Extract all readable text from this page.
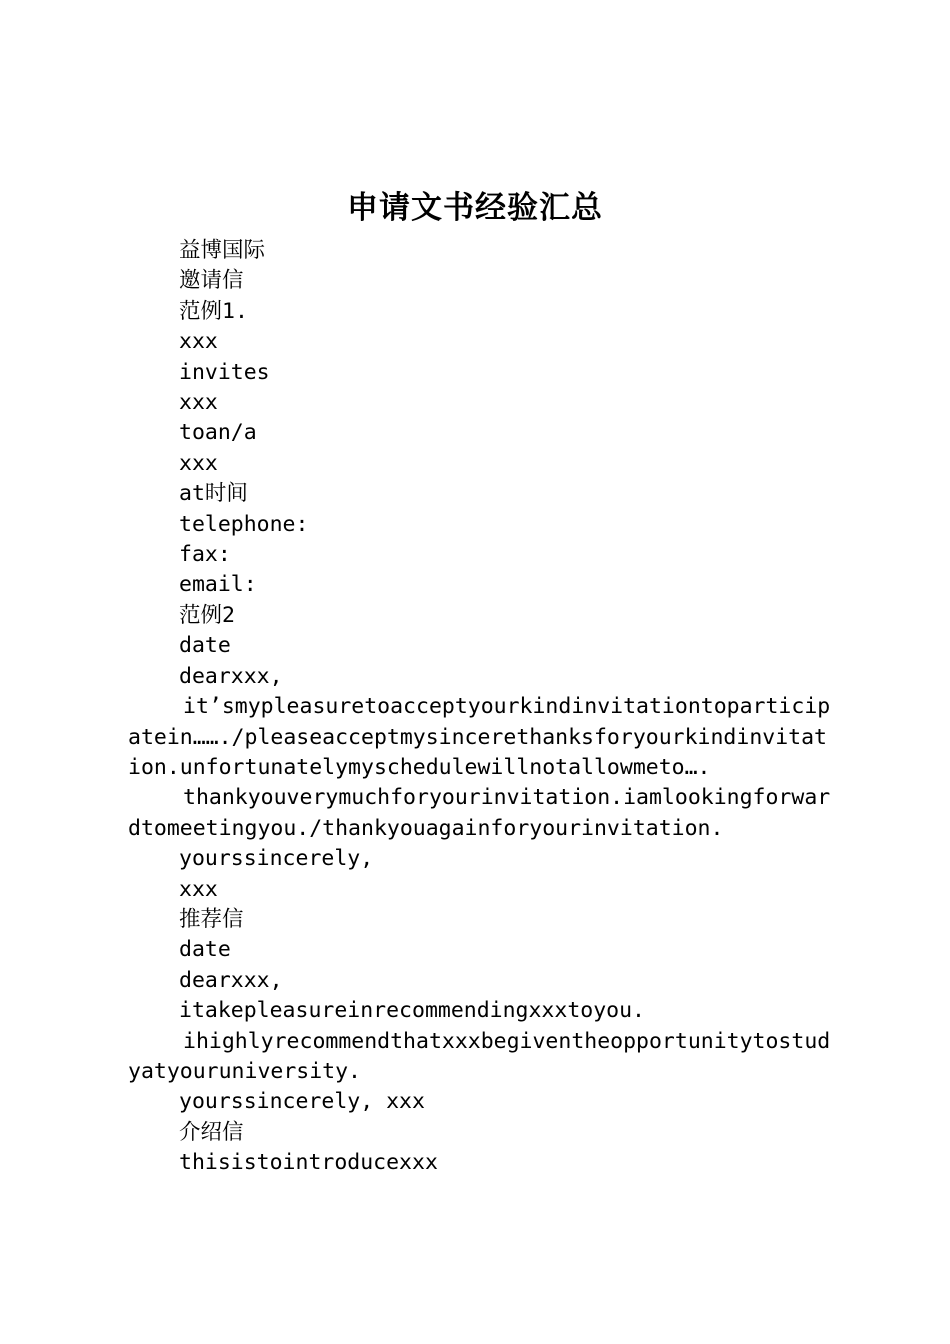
申请文书经验汇总
益博国际
邀请信
范例1.
xxx
invites
xxx
toan/a
xxx
at时间
telephone:
fax:
email:
范例2
date
dearxxx,
it’smypleasuretoacceptyourkindinvitationtoparticipatein……./pleaseacceptmysincerethanksforyourkindinvitation.unfortunatelymyschedulewillnotallowmeto….
thankyouverymuchforyourinvitation.iamlookingforwardtomeetingyou./thankyouagainforyourinvitation.
yourssincerely,
xxx
推荐信
date
dearxxx,
itakepleasureinrecommendingxxxtoyou.
ihighlyrecommendthatxxxbegiventheopportunitytostudyatyouruniversity.
yourssincerely, xxx
介绍信
thisistointroducexxx
